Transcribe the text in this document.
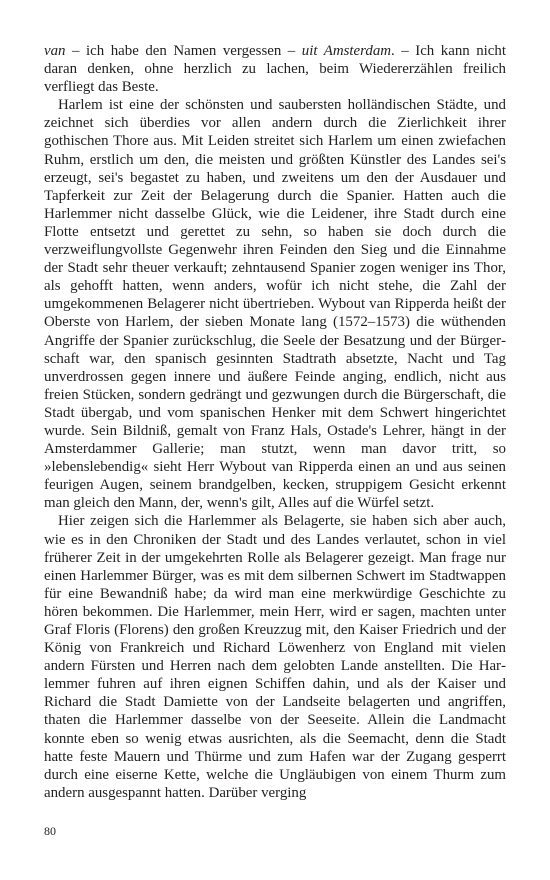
van – ich habe den Namen vergessen – uit Amsterdam. – Ich kann nicht daran denken, ohne herzlich zu lachen, beim Wiedererzählen freilich verfliegt das Beste.

Harlem ist eine der schönsten und saubersten holländischen Städte, und zeichnet sich überdies vor allen andern durch die Zierlichkeit ihrer gothischen Thore aus. Mit Leiden streitet sich Harlem um einen zwiefachen Ruhm, erstlich um den, die meisten und größten Künstler des Landes sei's erzeugt, sei's begastet zu haben, und zweitens um den der Ausdauer und Tapferkeit zur Zeit der Belagerung durch die Spanier. Hatten auch die Harlemmer nicht dasselbe Glück, wie die Leidener, ihre Stadt durch eine Flotte entsetzt und gerettet zu sehn, so haben sie doch durch die verzweiflungvollste Gegenwehr ihren Feinden den Sieg und die Einnahme der Stadt sehr theuer verkauft; zehntausend Spanier zogen weniger ins Thor, als gehofft hatten, wenn anders, wofür ich nicht stehe, die Zahl der umgekommenen Belagerer nicht übertrieben. Wybout van Ripperda heißt der Oberste von Harlem, der sieben Monate lang (1572–1573) die wüthenden Angriffe der Spanier zurückschlug, die Seele der Besatzung und der Bürgerschaft war, den spanisch gesinnten Stadtrath absetzte, Nacht und Tag unverdrossen gegen innere und äußere Feinde anging, endlich, nicht aus freien Stücken, sondern gedrängt und gezwungen durch die Bürgerschaft, die Stadt übergab, und vom spanischen Henker mit dem Schwert hingerichtet wurde. Sein Bildniß, gemalt von Franz Hals, Ostade's Lehrer, hängt in der Amsterdammer Gallerie; man stutzt, wenn man davor tritt, so »lebenslebendig« sieht Herr Wybout van Ripperda einen an und aus seinen feurigen Augen, seinem brandgelben, kecken, struppigem Gesicht erkennt man gleich den Mann, der, wenn's gilt, Alles auf die Würfel setzt.

Hier zeigen sich die Harlemmer als Belagerte, sie haben sich aber auch, wie es in den Chroniken der Stadt und des Landes verlautet, schon in viel früherer Zeit in der umgekehrten Rolle als Belagerer gezeigt. Man frage nur einen Harlemmer Bürger, was es mit dem silbernen Schwert im Stadtwappen für eine Bewandniß habe; da wird man eine merkwürdige Geschichte zu hören bekommen. Die Harlemmer, mein Herr, wird er sagen, machten unter Graf Floris (Florens) den großen Kreuzzug mit, den Kaiser Friedrich und der König von Frankreich und Richard Löwenherz von England mit vielen andern Fürsten und Herren nach dem gelobten Lande anstellten. Die Harlemmer fuhren auf ihren eignen Schiffen dahin, und als der Kaiser und Richard die Stadt Damiette von der Landseite belagerten und angriffen, thaten die Harlemmer dasselbe von der Seeseite. Allein die Landmacht konnte eben so wenig etwas ausrichten, als die Seemacht, denn die Stadt hatte feste Mauern und Thürme und zum Hafen war der Zugang gesperrt durch eine eiserne Kette, welche die Ungläubigen von einem Thurm zum andern ausgespannt hatten. Darüber verging

80
